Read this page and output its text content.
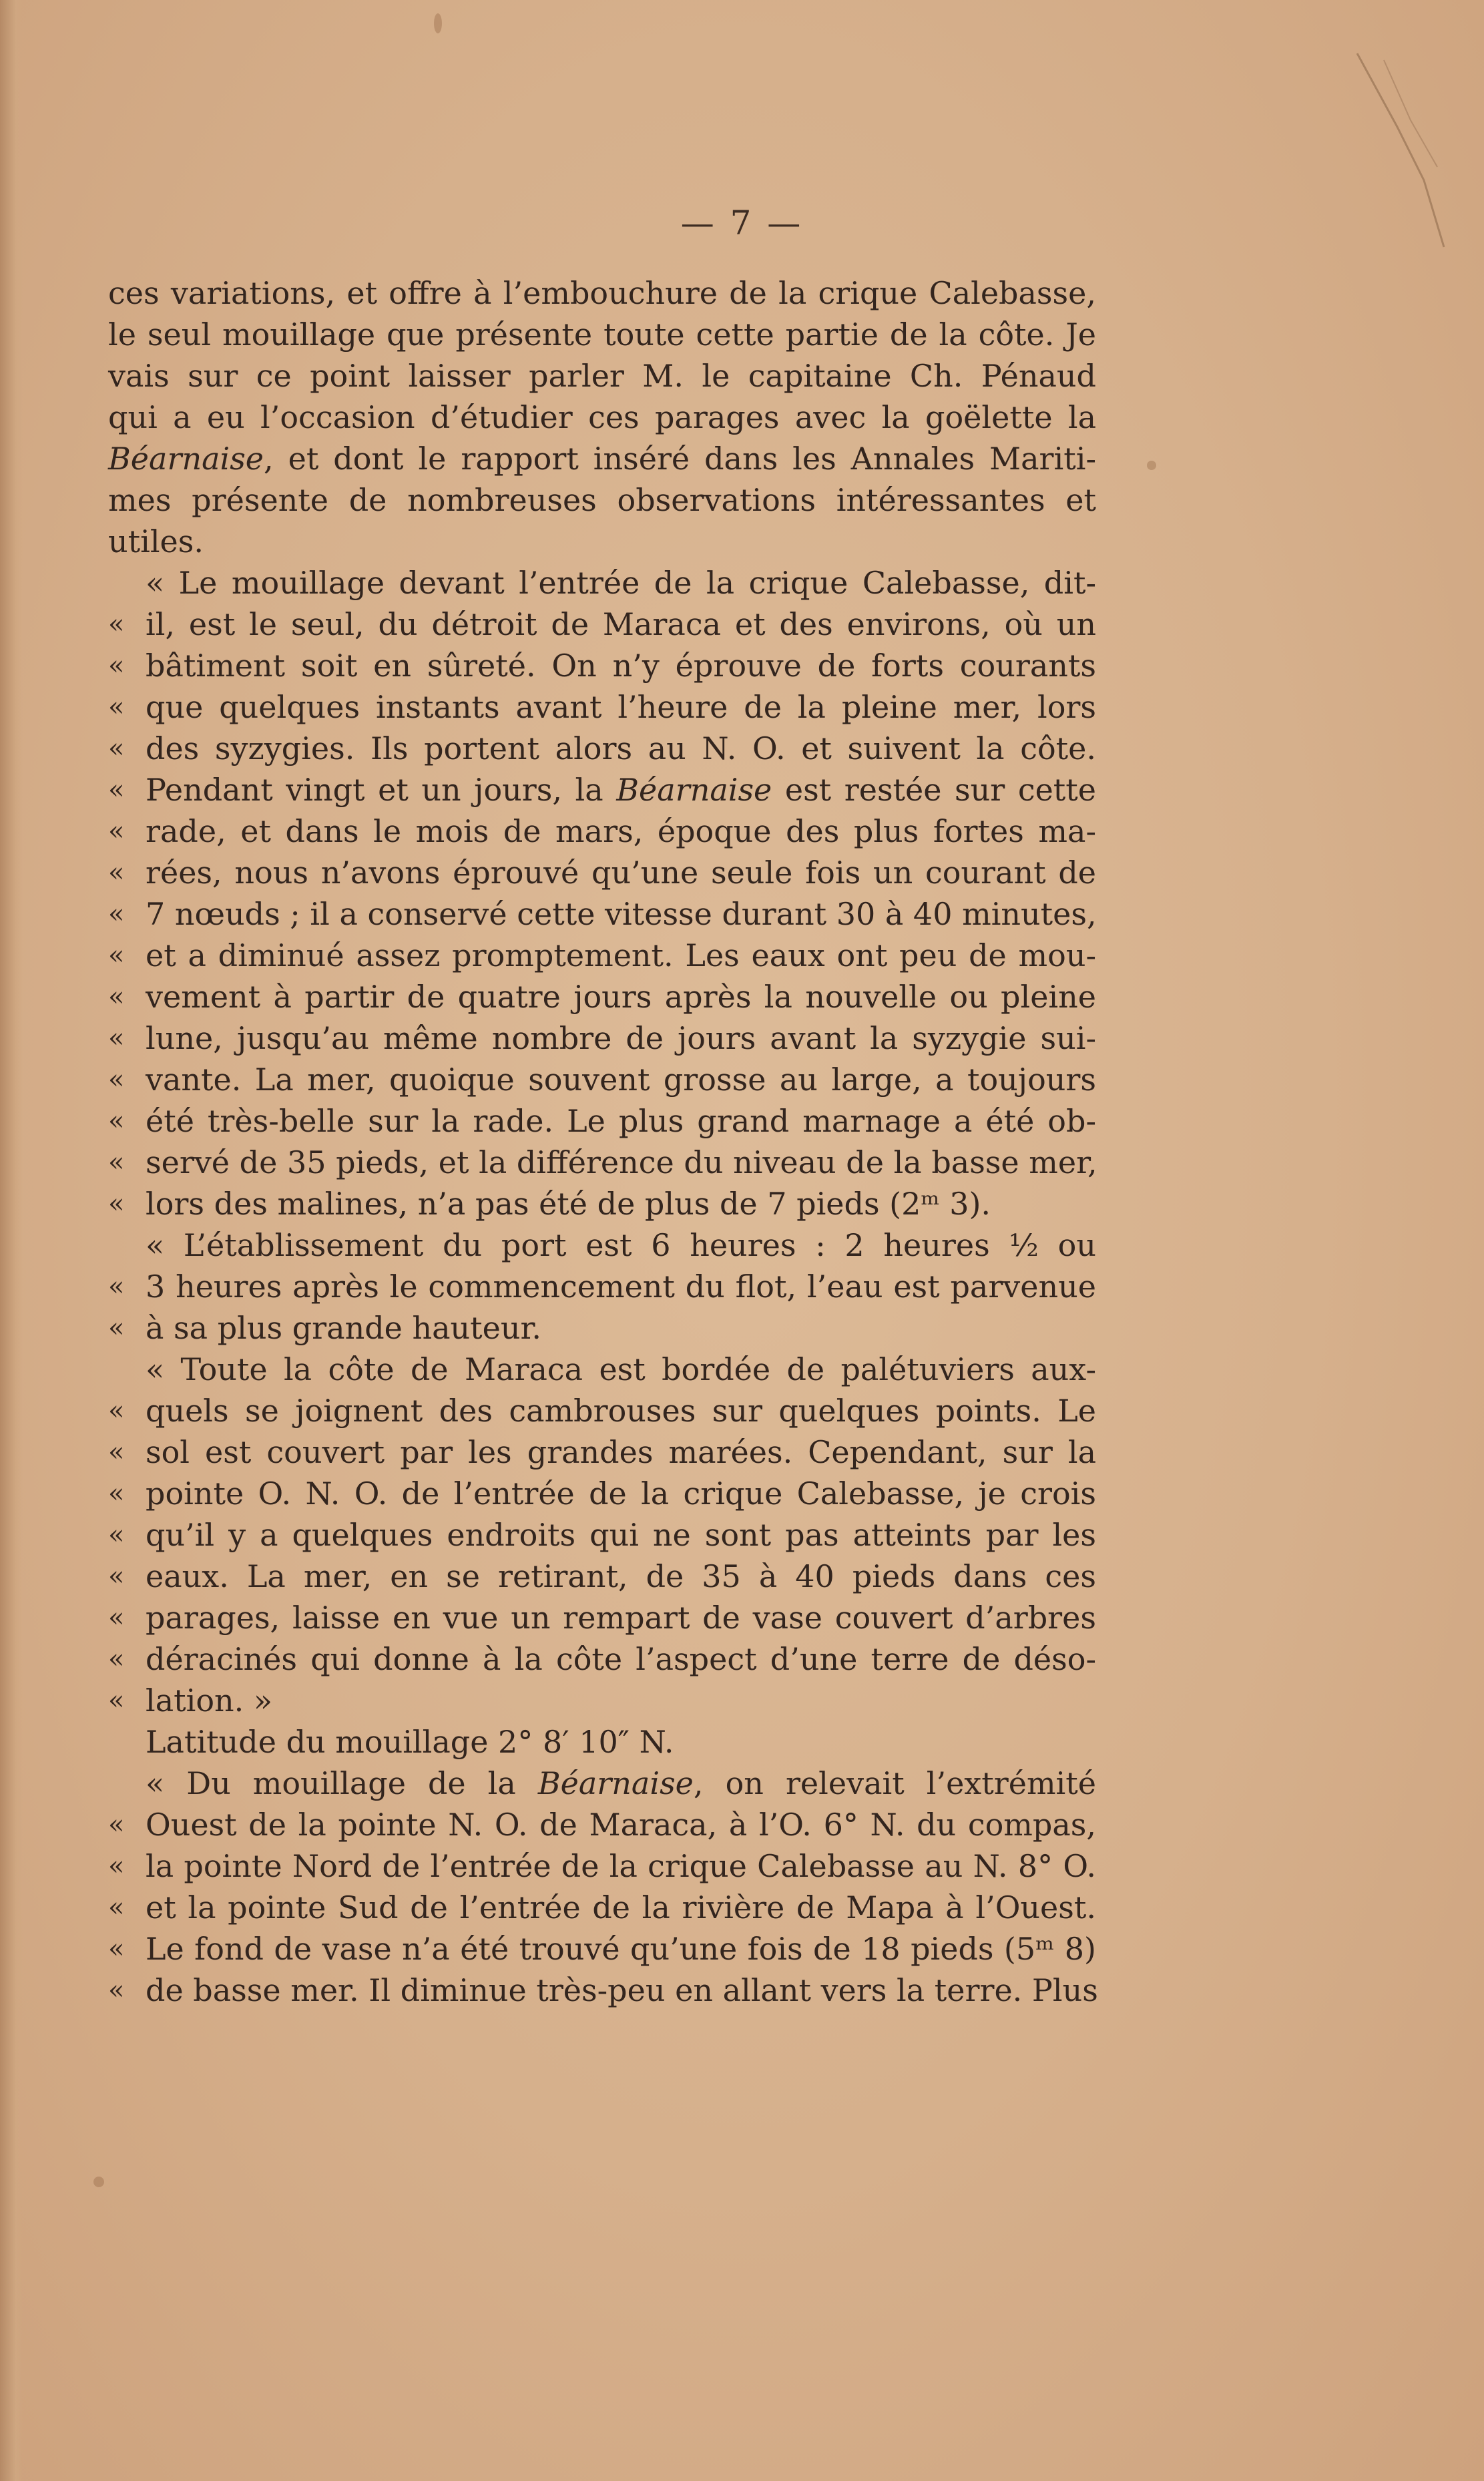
— 7 —
ces variations, et offre à l’embouchure de la crique Calebasse,
le seul mouillage que présente toute cette partie de la côte. Je
vais sur ce point laisser parler M. le capitaine Ch. Pénaud
qui a eu l’occasion d’étudier ces parages avec la goëlette la
Béarnaise, et dont le rapport inséré dans les Annales Mariti-
mes présente de nombreuses observations intéressantes et
utiles.
« Le mouillage devant l’entrée de la crique Calebasse, dit-
« il, est le seul, du détroit de Maraca et des environs, où un
« bâtiment soit en sûreté. On n’y éprouve de forts courants
« que quelques instants avant l’heure de la pleine mer, lors
« des syzygies. Ils portent alors au N. O. et suivent la côte.
« Pendant vingt et un jours, la Béarnaise est restée sur cette
« rade, et dans le mois de mars, époque des plus fortes ma-
« rées, nous n’avons éprouvé qu’une seule fois un courant de
« 7 nœuds ; il a conservé cette vitesse durant 30 à 40 minutes,
« et a diminué assez promptement. Les eaux ont peu de mou-
« vement à partir de quatre jours après la nouvelle ou pleine
« lune, jusqu’au même nombre de jours avant la syzygie sui-
« vante. La mer, quoique souvent grosse au large, a toujours
« été très-belle sur la rade. Le plus grand marnage a été ob-
« servé de 35 pieds, et la différence du niveau de la basse mer,
« lors des malines, n’a pas été de plus de 7 pieds (2ᵐ 3).
« L’établissement du port est 6 heures : 2 heures ½ ou
« 3 heures après le commencement du flot, l’eau est parvenue
« à sa plus grande hauteur.
« Toute la côte de Maraca est bordée de palétuviers aux-
« quels se joignent des cambrouses sur quelques points. Le
« sol est couvert par les grandes marées. Cependant, sur la
« pointe O. N. O. de l’entrée de la crique Calebasse, je crois
« qu’il y a quelques endroits qui ne sont pas atteints par les
« eaux. La mer, en se retirant, de 35 à 40 pieds dans ces
« parages, laisse en vue un rempart de vase couvert d’arbres
« déracinés qui donne à la côte l’aspect d’une terre de déso-
« lation. »
Latitude du mouillage 2° 8′ 10″ N.
« Du mouillage de la Béarnaise, on relevait l’extrémité
« Ouest de la pointe N. O. de Maraca, à l’O. 6° N. du compas,
« la pointe Nord de l’entrée de la crique Calebasse au N. 8° O.
« et la pointe Sud de l’entrée de la rivière de Mapa à l’Ouest.
« Le fond de vase n’a été trouvé qu’une fois de 18 pieds (5ᵐ 8)
« de basse mer. Il diminue très-peu en allant vers la terre. Plus
